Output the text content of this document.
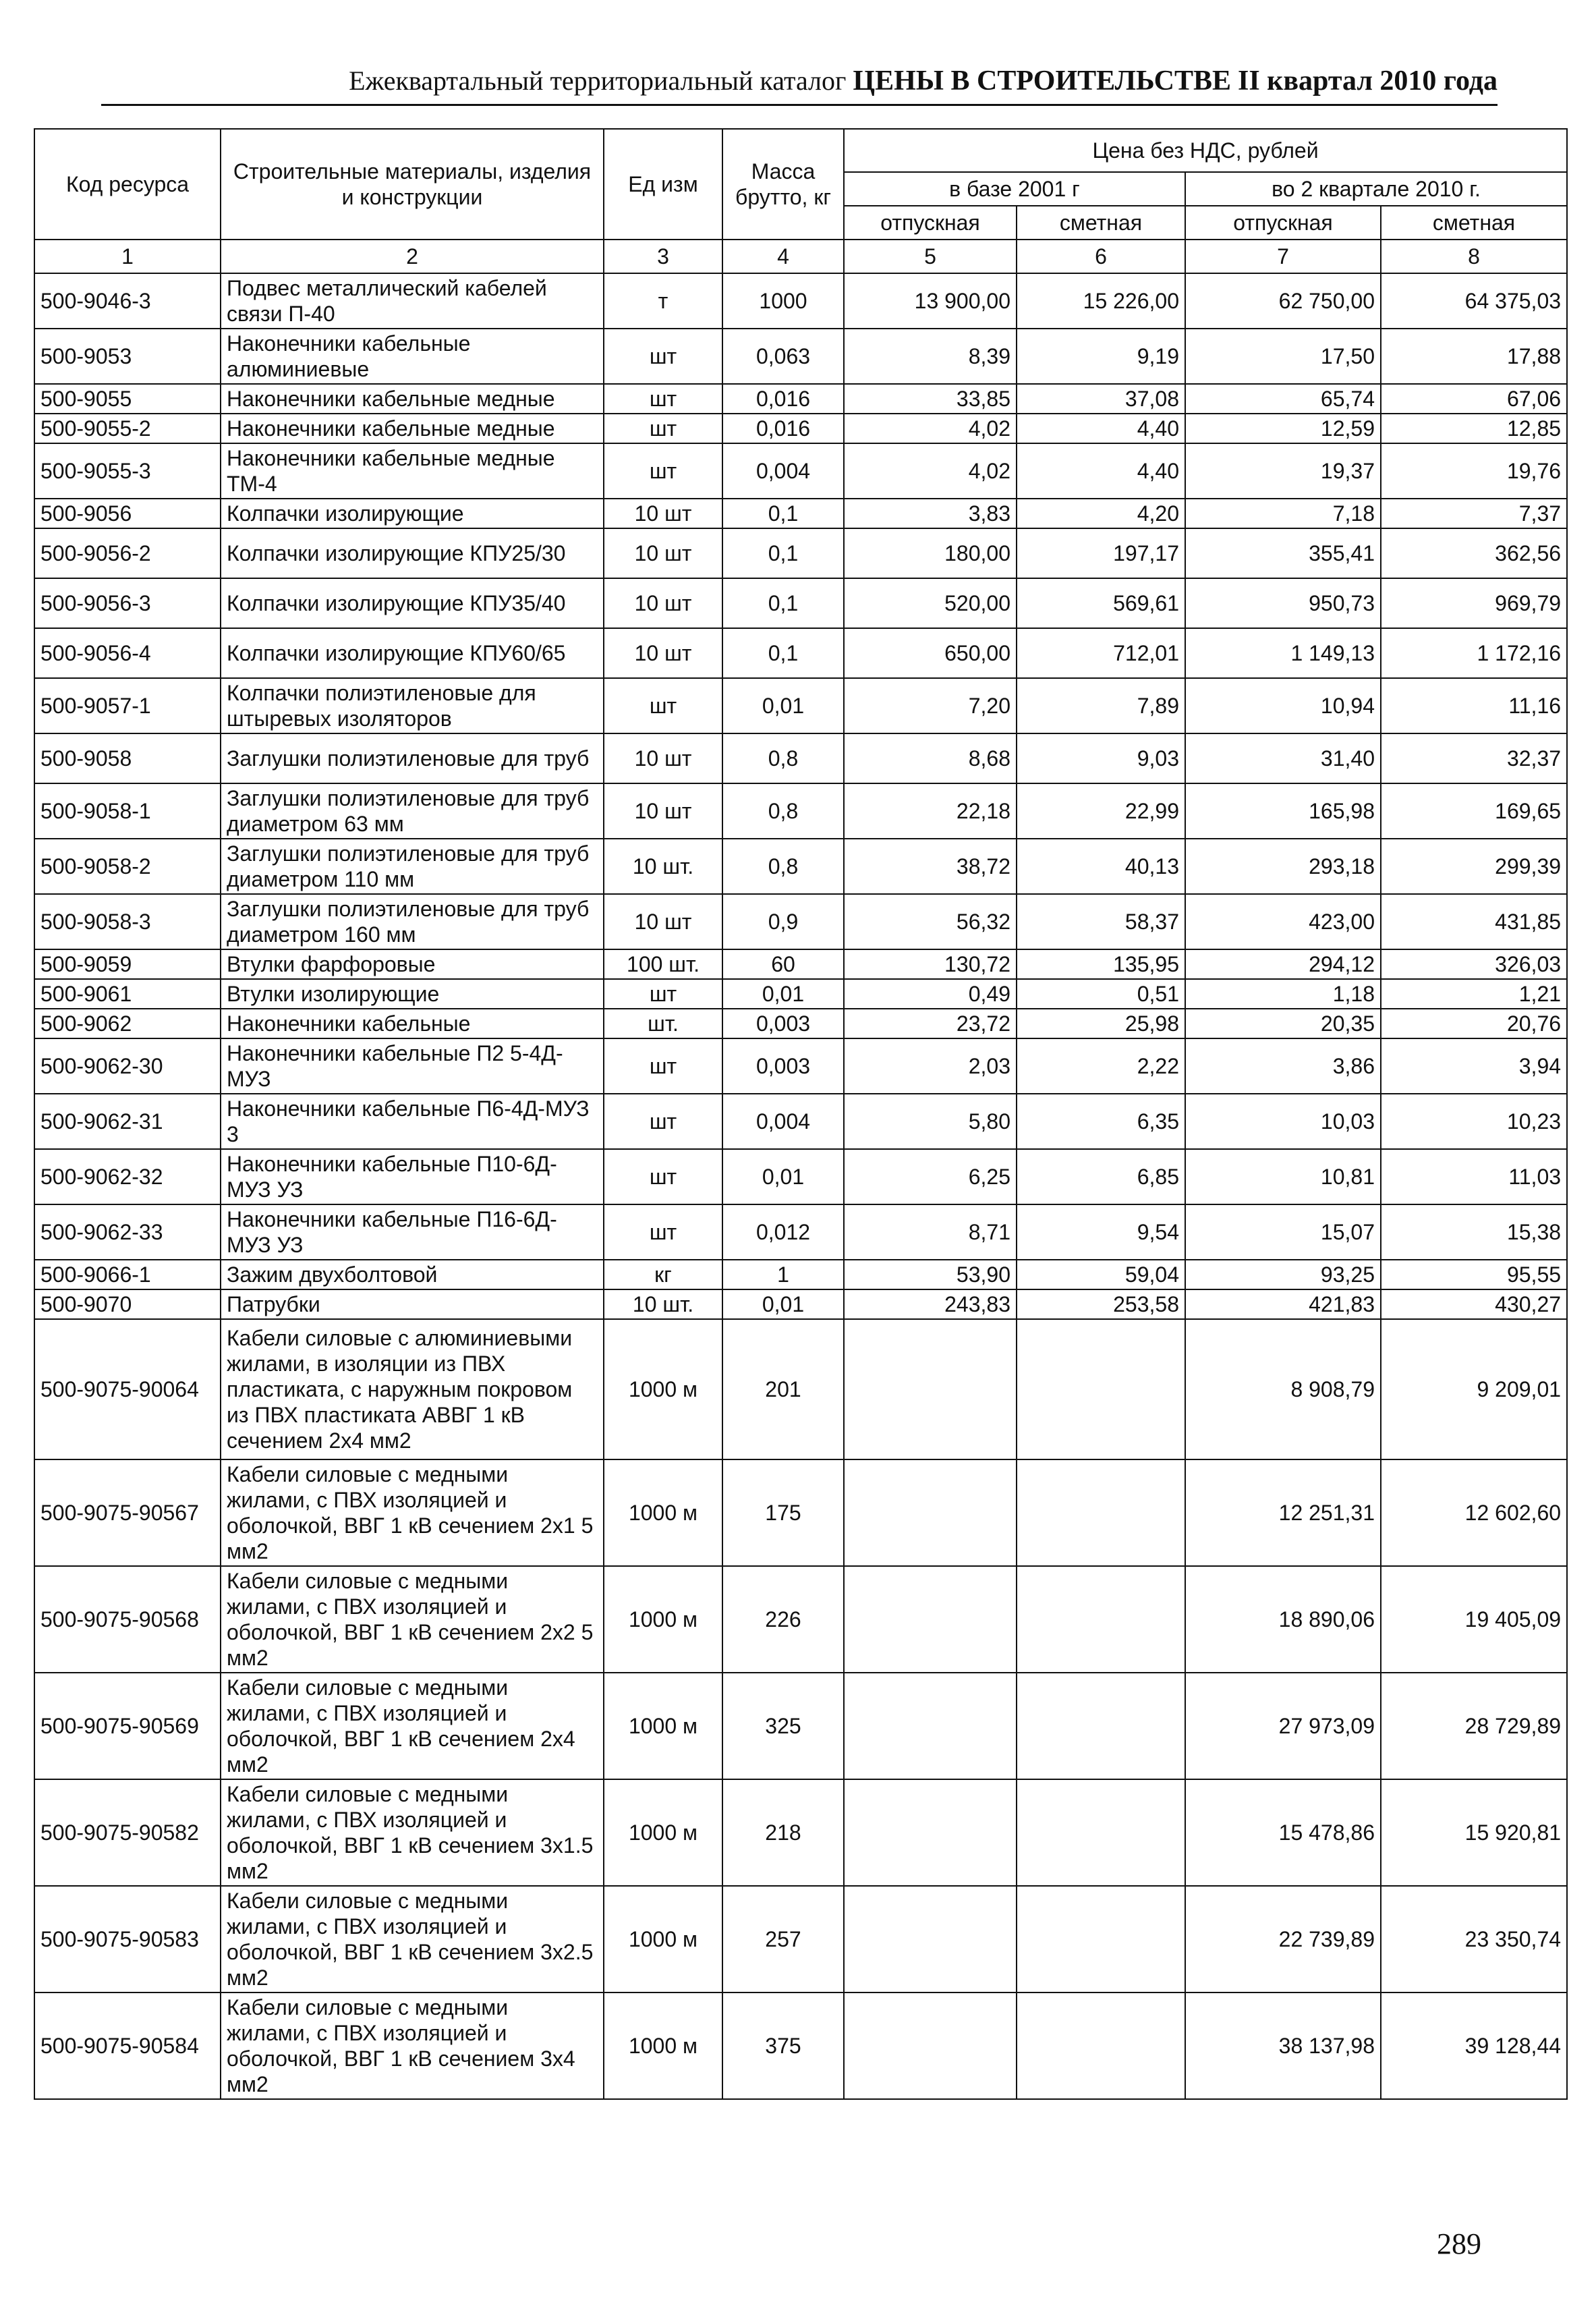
Ежеквартальный территориальный каталог ЦЕНЫ В СТРОИТЕЛЬСТВЕ II квартал 2010 года
Код ресурса	Строительные материалы, изделия и конструкции	Ед изм	Масса брутто, кг	Цена без НДС, рублей			
				в базе 2001 г		во 2 квартале 2010 г.	
				отпускная	сметная	отпускная	сметная
1	2	3	4	5	6	7	8
500-9046-3	Подвес металлический кабелей связи П-40	т	1000	13 900,00	15 226,00	62 750,00	64 375,03
500-9053	Наконечники кабельные алюминиевые	шт	0,063	8,39	9,19	17,50	17,88
500-9055	Наконечники кабельные медные	шт	0,016	33,85	37,08	65,74	67,06
500-9055-2	Наконечники кабельные медные	шт	0,016	4,02	4,40	12,59	12,85
500-9055-3	Наконечники кабельные медные ТМ-4	шт	0,004	4,02	4,40	19,37	19,76
500-9056	Колпачки изолирующие	10 шт	0,1	3,83	4,20	7,18	7,37
500-9056-2	Колпачки изолирующие КПУ25/30	10 шт	0,1	180,00	197,17	355,41	362,56
500-9056-3	Колпачки изолирующие КПУ35/40	10 шт	0,1	520,00	569,61	950,73	969,79
500-9056-4	Колпачки изолирующие КПУ60/65	10 шт	0,1	650,00	712,01	1 149,13	1 172,16
500-9057-1	Колпачки полиэтиленовые для штыревых изоляторов	шт	0,01	7,20	7,89	10,94	11,16
500-9058	Заглушки полиэтиленовые для труб	10 шт	0,8	8,68	9,03	31,40	32,37
500-9058-1	Заглушки полиэтиленовые для труб диаметром 63 мм	10 шт	0,8	22,18	22,99	165,98	169,65
500-9058-2	Заглушки полиэтиленовые для труб диаметром 110 мм	10 шт.	0,8	38,72	40,13	293,18	299,39
500-9058-3	Заглушки полиэтиленовые для труб диаметром 160 мм	10 шт	0,9	56,32	58,37	423,00	431,85
500-9059	Втулки фарфоровые	100 шт.	60	130,72	135,95	294,12	326,03
500-9061	Втулки изолирующие	шт	0,01	0,49	0,51	1,18	1,21
500-9062	Наконечники кабельные	шт.	0,003	23,72	25,98	20,35	20,76
500-9062-30	Наконечники кабельные П2 5-4Д-МУЗ	шт	0,003	2,03	2,22	3,86	3,94
500-9062-31	Наконечники кабельные П6-4Д-МУЗ 3	шт	0,004	5,80	6,35	10,03	10,23
500-9062-32	Наконечники кабельные П10-6Д-МУЗ УЗ	шт	0,01	6,25	6,85	10,81	11,03
500-9062-33	Наконечники кабельные П16-6Д-МУЗ УЗ	шт	0,012	8,71	9,54	15,07	15,38
500-9066-1	Зажим двухболтовой	кг	1	53,90	59,04	93,25	95,55
500-9070	Патрубки	10 шт.	0,01	243,83	253,58	421,83	430,27
500-9075-90064	Кабели силовые с алюминиевыми жилами, в изоляции из ПВХ пластиката, с наружным покровом из ПВХ пластиката АВВГ 1 кВ сечением 2х4 мм2	1000 м	201			8 908,79	9 209,01
500-9075-90567	Кабели силовые с медными жилами, с ПВХ изоляцией и оболочкой, ВВГ 1 кВ сечением 2х1 5 мм2	1000 м	175			12 251,31	12 602,60
500-9075-90568	Кабели силовые с медными жилами, с ПВХ изоляцией и оболочкой, ВВГ 1 кВ сечением 2х2 5 мм2	1000 м	226			18 890,06	19 405,09
500-9075-90569	Кабели силовые с медными жилами, с ПВХ изоляцией и оболочкой, ВВГ 1 кВ сечением 2х4 мм2	1000 м	325			27 973,09	28 729,89
500-9075-90582	Кабели силовые с медными жилами, с ПВХ изоляцией и оболочкой, ВВГ 1 кВ сечением 3х1.5 мм2	1000 м	218			15 478,86	15 920,81
500-9075-90583	Кабели силовые с медными жилами, с ПВХ изоляцией и оболочкой, ВВГ 1 кВ сечением 3х2.5 мм2	1000 м	257			22 739,89	23 350,74
500-9075-90584	Кабели силовые с медными жилами, с ПВХ изоляцией и оболочкой, ВВГ 1 кВ сечением 3х4 мм2	1000 м	375			38 137,98	39 128,44
289
